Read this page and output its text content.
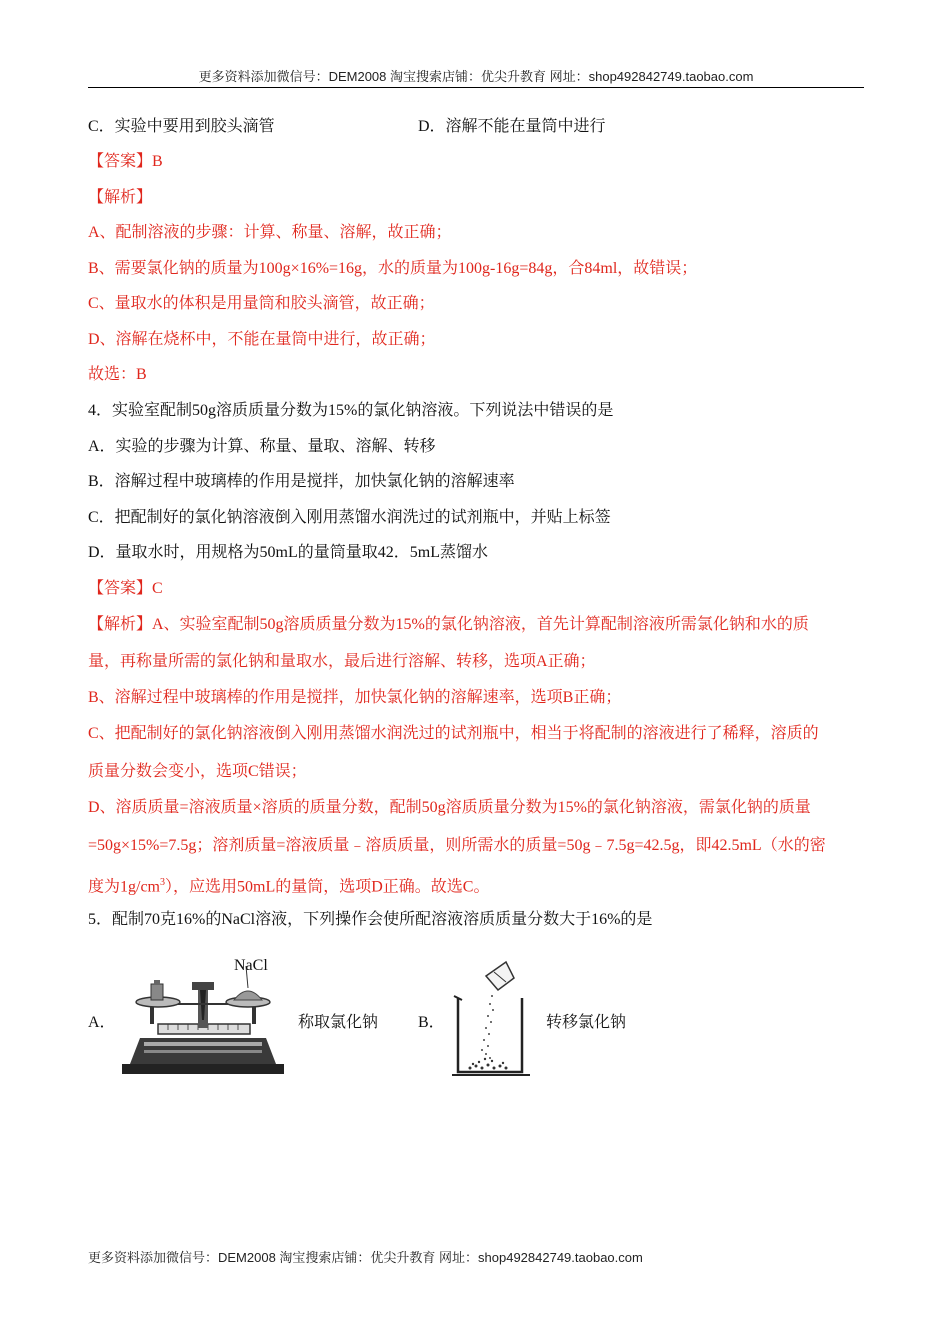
更多资料添加微信号：DEM2008 淘宝搜索店铺：优尖升教育 网址：shop492842749.taobao.com
C．实验中要用到胶头滴管	D．溶解不能在量筒中进行
【答案】B
【解析】
A、配制溶液的步骤：计算、称量、溶解，故正确；
B、需要氯化钠的质量为100g×16%=16g，水的质量为100g-16g=84g，合84ml，故错误；
C、量取水的体积是用量筒和胶头滴管，故正确；
D、溶解在烧杯中，不能在量筒中进行，故正确；
故选：B
4．实验室配制50g溶质质量分数为15%的氯化钠溶液。下列说法中错误的是
A．实验的步骤为计算、称量、量取、溶解、转移
B．溶解过程中玻璃棒的作用是搅拌，加快氯化钠的溶解速率
C．把配制好的氯化钠溶液倒入刚用蒸馏水润洗过的试剂瓶中，并贴上标签
D．量取水时，用规格为50mL的量筒量取42．5mL蒸馏水
【答案】C
【解析】A、实验室配制50g溶质质量分数为15%的氯化钠溶液，首先计算配制溶液所需氯化钠和水的质
量，再称量所需的氯化钠和量取水，最后进行溶解、转移，选项A正确；
B、溶解过程中玻璃棒的作用是搅拌，加快氯化钠的溶解速率，选项B正确；
C、把配制好的氯化钠溶液倒入刚用蒸馏水润洗过的试剂瓶中，相当于将配制的溶液进行了稀释，溶质的
质量分数会变小，选项C错误；
D、溶质质量=溶液质量×溶质的质量分数，配制50g溶质质量分数为15%的氯化钠溶液，需氯化钠的质量
=50g×15%=7.5g；溶剂质量=溶液质量﹣溶质质量，则所需水的质量=50g﹣7.5g=42.5g，即42.5mL（水的密
度为$1g/cm^3$），应选用50mL的量筒，选项D正确。故选C。
5．配制70克16%的NaCl溶液，下列操作会使所配溶液溶质质量分数大于16%的是
A．
NaCl
称取氯化钠 B．	转移氯化钠
更多资料添加微信号：DEM2008 淘宝搜索店铺：优尖升教育 网址：shop492842749.taobao.com
